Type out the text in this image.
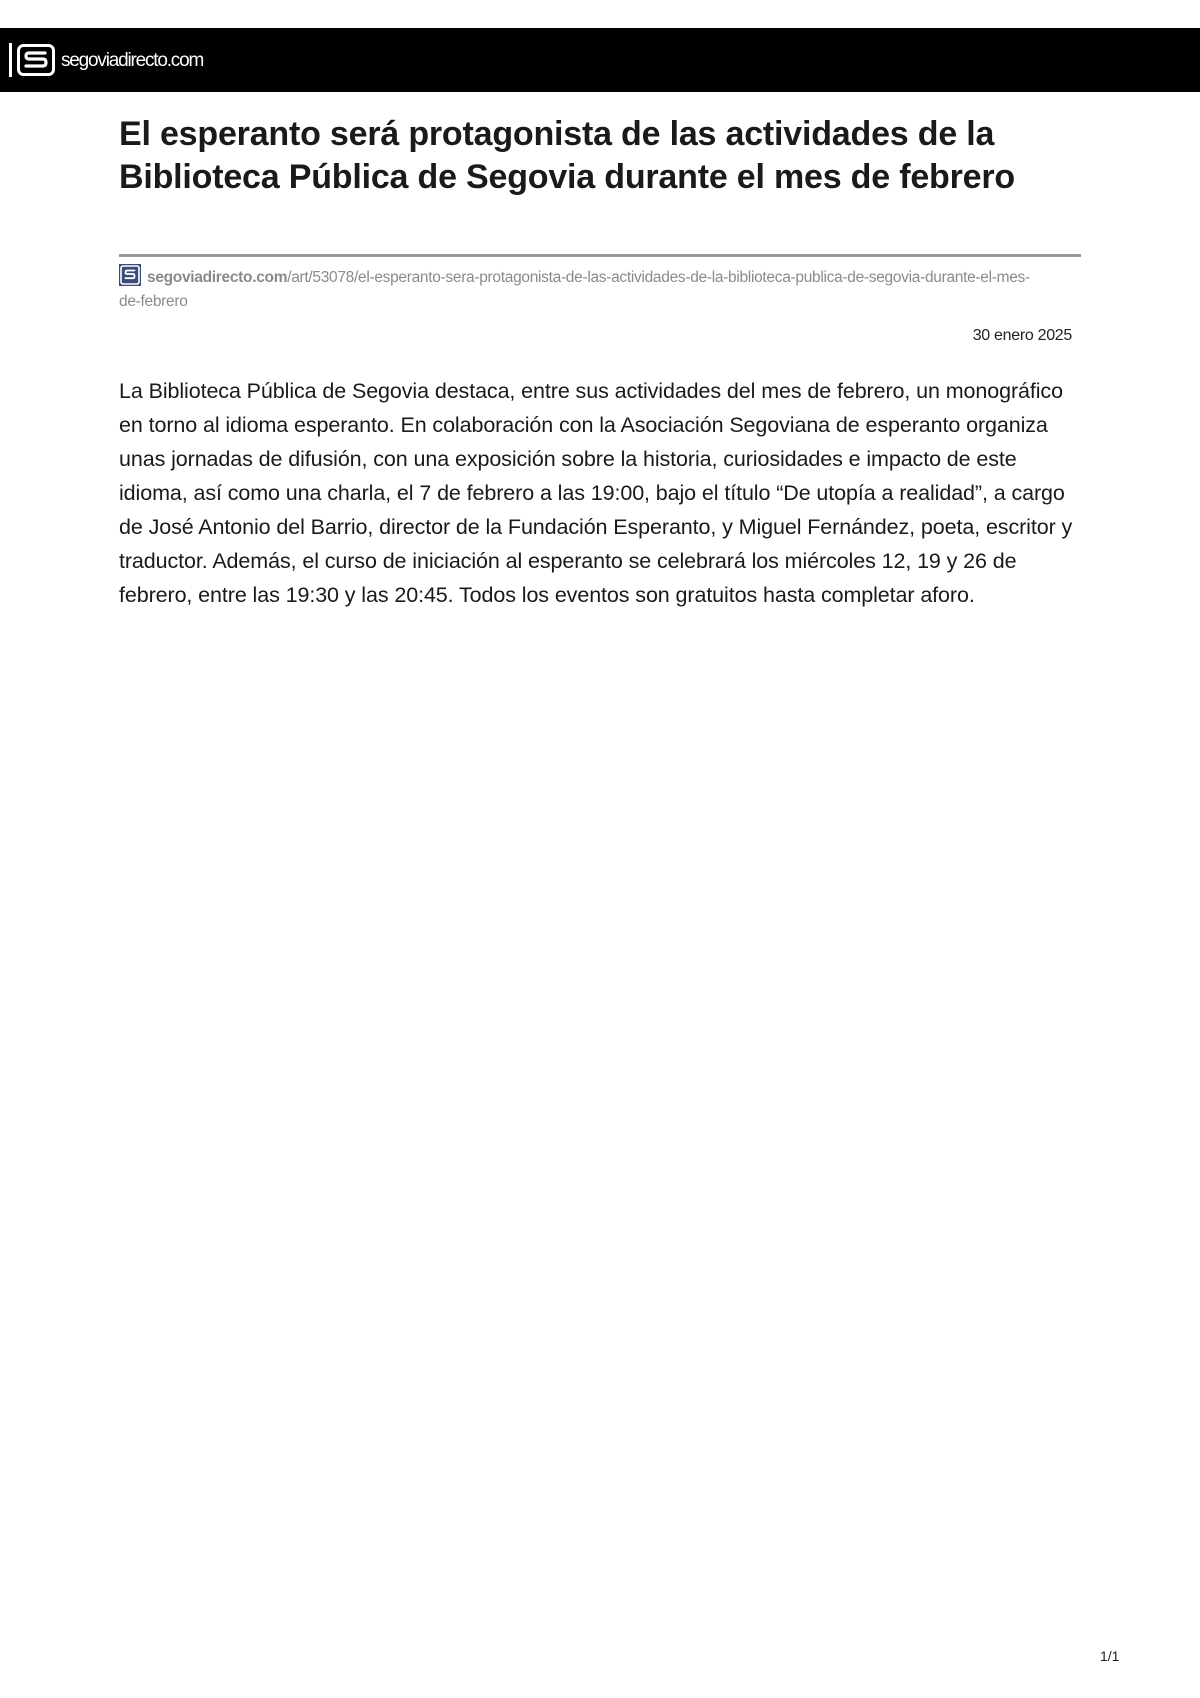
segoviadirecto.com
El esperanto será protagonista de las actividades de la Biblioteca Pública de Segovia durante el mes de febrero
segoviadirecto.com/art/53078/el-esperanto-sera-protagonista-de-las-actividades-de-la-biblioteca-publica-de-segovia-durante-el-mes-de-febrero
30 enero 2025

La Biblioteca Pública de Segovia destaca, entre sus actividades del mes de febrero, un monográfico en torno al idioma esperanto. En colaboración con la Asociación Segoviana de esperanto organiza unas jornadas de difusión, con una exposición sobre la historia, curiosidades e impacto de este idioma, así como una charla, el 7 de febrero a las 19:00, bajo el título “De utopía a realidad”, a cargo de José Antonio del Barrio, director de la Fundación Esperanto, y Miguel Fernández, poeta, escritor y traductor. Además, el curso de iniciación al esperanto se celebrará los miércoles 12, 19 y 26 de febrero, entre las 19:30 y las 20:45. Todos los eventos son gratuitos hasta completar aforo.

1/1
